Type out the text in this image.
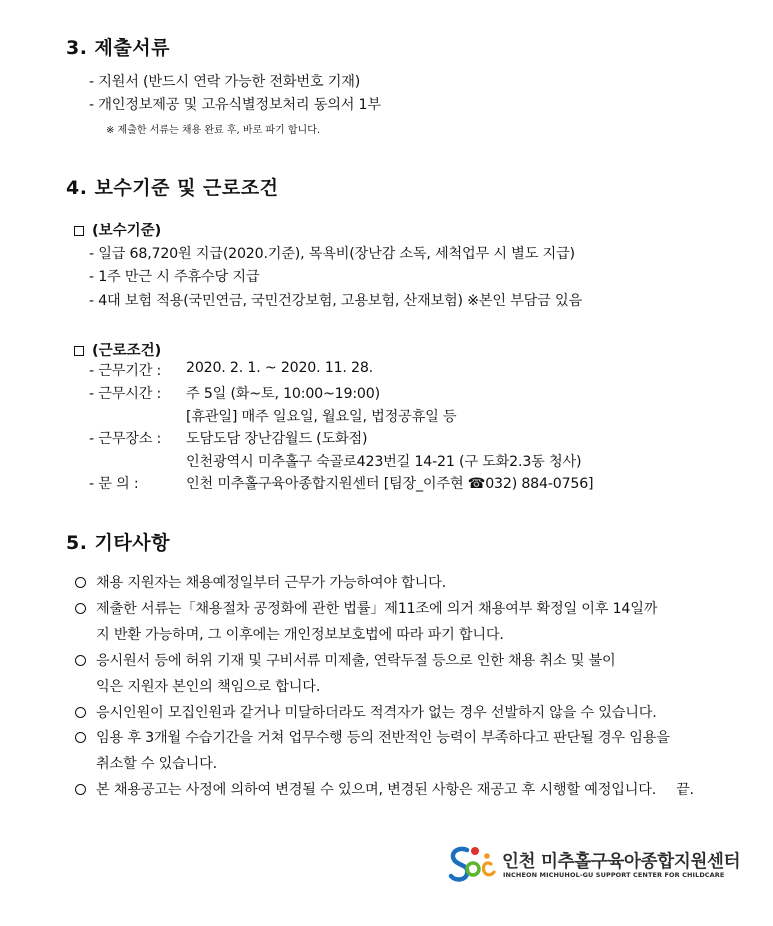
3. 제출서류
- 지원서 (반드시 연락 가능한 전화번호 기재)
- 개인정보제공 및 고유식별정보처리 동의서 1부
※ 제출한 서류는 채용 완료 후, 바로 파기 합니다.
4. 보수기준 및 근로조건
(보수기준)
- 일급 68,720원 지급(2020.기준), 목욕비(장난감 소독, 세척업무 시 별도 지급)
- 1주 만근 시 주휴수당 지급
- 4대 보험 적용(국민연금, 국민건강보험, 고용보험, 산재보험) ※본인 부담금 있음
(근로조건)
- 근무기간 : 2020. 2. 1. ~ 2020. 11. 28.
- 근무시간 : 주 5일 (화~토, 10:00~19:00)
[휴관일] 매주 일요일, 월요일, 법정공휴일 등
- 근무장소 : 도담도담 장난감월드 (도화점)
인천광역시 미추홀구 숙골로423번길 14-21 (구 도화2.3동 청사)
- 문 의 :	인천 미추홀구육아종합지원센터 [팀장_이주현 ☎032) 884-0756]
5. 기타사항
채용 지원자는 채용예정일부터 근무가 가능하여야 합니다.
제출한 서류는「채용절차 공정화에 관한 법률」제11조에 의거 채용여부 확정일 이후 14일까
지 반환 가능하며, 그 이후에는 개인정보보호법에 따라 파기 합니다.
응시원서 등에 허위 기재 및 구비서류 미제출, 연락두절 등으로 인한 채용 취소 및 불이
익은 지원자 본인의 책임으로 합니다.
응시인원이 모집인원과 같거나 미달하더라도 적격자가 없는 경우 선발하지 않을 수 있습니다.
임용 후 3개월 수습기간을 거쳐 업무수행 등의 전반적인 능력이 부족하다고 판단될 경우 임용을
취소할 수 있습니다.
본 채용공고는 사정에 의하여 변경될 수 있으며, 변경된 사항은 재공고 후 시행할 예정입니다. 끝.
인천 미추홀구육아종합지원센터
INCHEON MICHUHOL-GU SUPPORT CENTER FOR CHILDCARE
